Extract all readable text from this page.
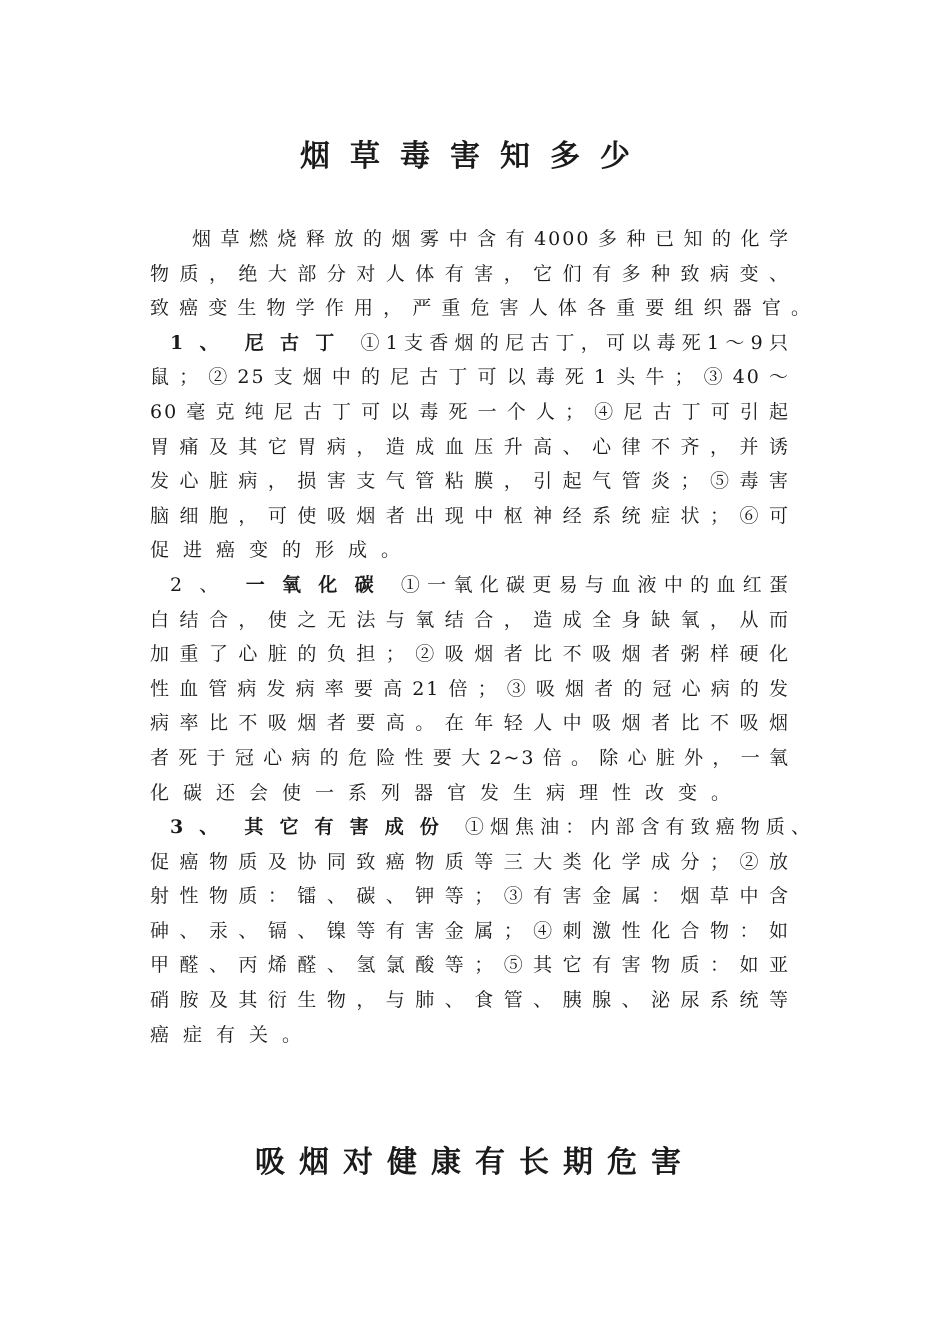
烟草毒害知多少
烟草燃烧释放的烟雾中含有4000多种已知的化学
物质，绝大部分对人体有害，它们有多种致病变、
致癌变生物学作用，严重危害人体各重要组织器官。
1、 尼古丁 ①1支香烟的尼古丁，可以毒死1～9只
鼠；②25支烟中的尼古丁可以毒死1头牛；③40～
60毫克纯尼古丁可以毒死一个人；④尼古丁可引起
胃痛及其它胃病，造成血压升高、心律不齐，并诱
发心脏病，损害支气管粘膜，引起气管炎；⑤毒害
脑细胞，可使吸烟者出现中枢神经系统症状；⑥可
促进癌变的形成。
2、 一氧化碳 ①一氧化碳更易与血液中的血红蛋
白结合，使之无法与氧结合，造成全身缺氧，从而
加重了心脏的负担；②吸烟者比不吸烟者粥样硬化
性血管病发病率要高21倍；③吸烟者的冠心病的发
病率比不吸烟者要高。在年轻人中吸烟者比不吸烟
者死于冠心病的危险性要大2~3倍。除心脏外，一氧
化碳还会使一系列器官发生病理性改变。
3、 其它有害成份 ①烟焦油：内部含有致癌物质、
促癌物质及协同致癌物质等三大类化学成分；②放
射性物质：镭、碳、钾等；③有害金属：烟草中含
砷、汞、镉、镍等有害金属；④刺激性化合物：如
甲醛、丙烯醛、氢氯酸等；⑤其它有害物质：如亚
硝胺及其衍生物，与肺、食管、胰腺、泌尿系统等
癌症有关。
吸烟对健康有长期危害
